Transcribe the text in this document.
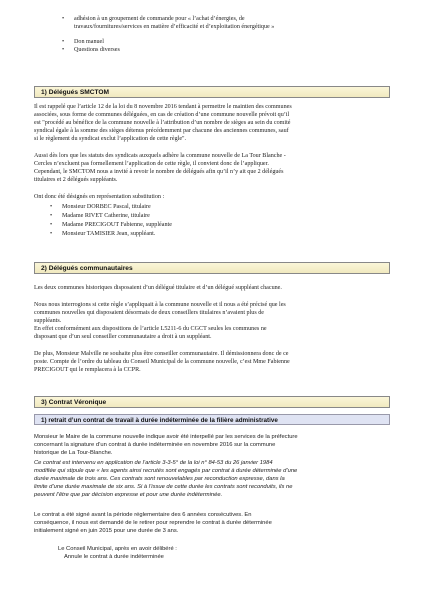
• adhésion à un groupement de commande pour « l’achat d’énergies, de

travaux/fournitures/services en matière d’efficacité et d’exploitation énergétique »

• Don manuel

• Questions diverses

1) Délégués SMCTOM

Il est rappelé que l’article 12 de la loi du 8 novembre 2016 tendant à permettre le maintien des communes

associées, sous forme de communes déléguées, en cas de création d’une commune nouvelle prévoit qu’il

est "procédé au bénéfice de la commune nouvelle à l’attribution d’un nombre de sièges au sein du comité

syndical égale à la somme des sièges détenus précédemment par chacune des anciennes communes, sauf

si le règlement du syndicat exclut l’application de cette règle".

Aussi dès lors que les statuts des syndicats auxquels adhère la commune nouvelle de La Tour Blanche -

Cercles n’excluent pas formellement l’application de cette règle, il convient donc de l’appliquer.

Cependant, le SMCTOM nous a invité à revoir le nombre de délégués afin qu’il n’y ait que 2 délégués

titulaires et 2 délégués suppléants.

Ont donc été désignés en représentation substitution :

• Monsieur DORBEC Pascal, titulaire

• Madame RIVET Catherine, titulaire

• Madame PRECIGOUT Fabienne, suppléante

• Monsieur TAMISIER Jean, suppléant.

2) Délégués communautaires

Les deux communes historiques disposaient d’un délégué titulaire et d’un délégué suppléant chacune.

Nous nous interrogions si cette règle s’appliquait à la commune nouvelle et il nous a été précisé que les

communes nouvelles qui disposaient désormais de deux conseillers titulaires n’avaient plus de

suppléants.

En effet conformément aux dispositions de l’article L5211-6 du CGCT seules les communes ne

disposant que d’un seul conseiller communautaire a droit à un suppléant.

De plus, Monsieur Malville ne souhaite plus être conseiller communautaire. Il démissionnera donc de ce

poste. Compte de l’ordre du tableau du Conseil Municipal de la commune nouvelle, c’est Mme Fabienne

PRECIGOUT qui le remplacera à la CCPR.

3) Contrat Véronique
1) retrait d’un contrat de travail à durée indéterminée de la filière administrative

Monsieur le Maire de la commune nouvelle indique avoir été interpellé par les services de la préfecture

concernant la signature d’un contrat à durée indéterminée en novembre 2016 sur la commune

historique de La Tour-Blanche.

Ce contrat est intervenu en application de l’article 3-3-5° de la loi n° 84-53 du 26 janvier 1984

modifiée qui stipule que « les agents ainsi recrutés sont engagés par contrat à durée déterminée d’une

durée maximale de trois ans. Ces contrats sont renouvelables par reconduction expresse, dans la

limite d’une durée maximale de six ans. Si à l’issue de cette durée les contrats sont reconduits, ils ne

peuvent l’être que par décision expresse et pour une durée indéterminée.

Le contrat a été signé avant la période réglementaire des 6 années consécutives. En

conséquence, il nous est demandé de le retirer pour reprendre le contrat à durée déterminée

initialement signé en juin 2015 pour une durée de 3 ans.

Le Conseil Municipal, après en avoir délibéré :

Annule le contrat à durée indéterminée
